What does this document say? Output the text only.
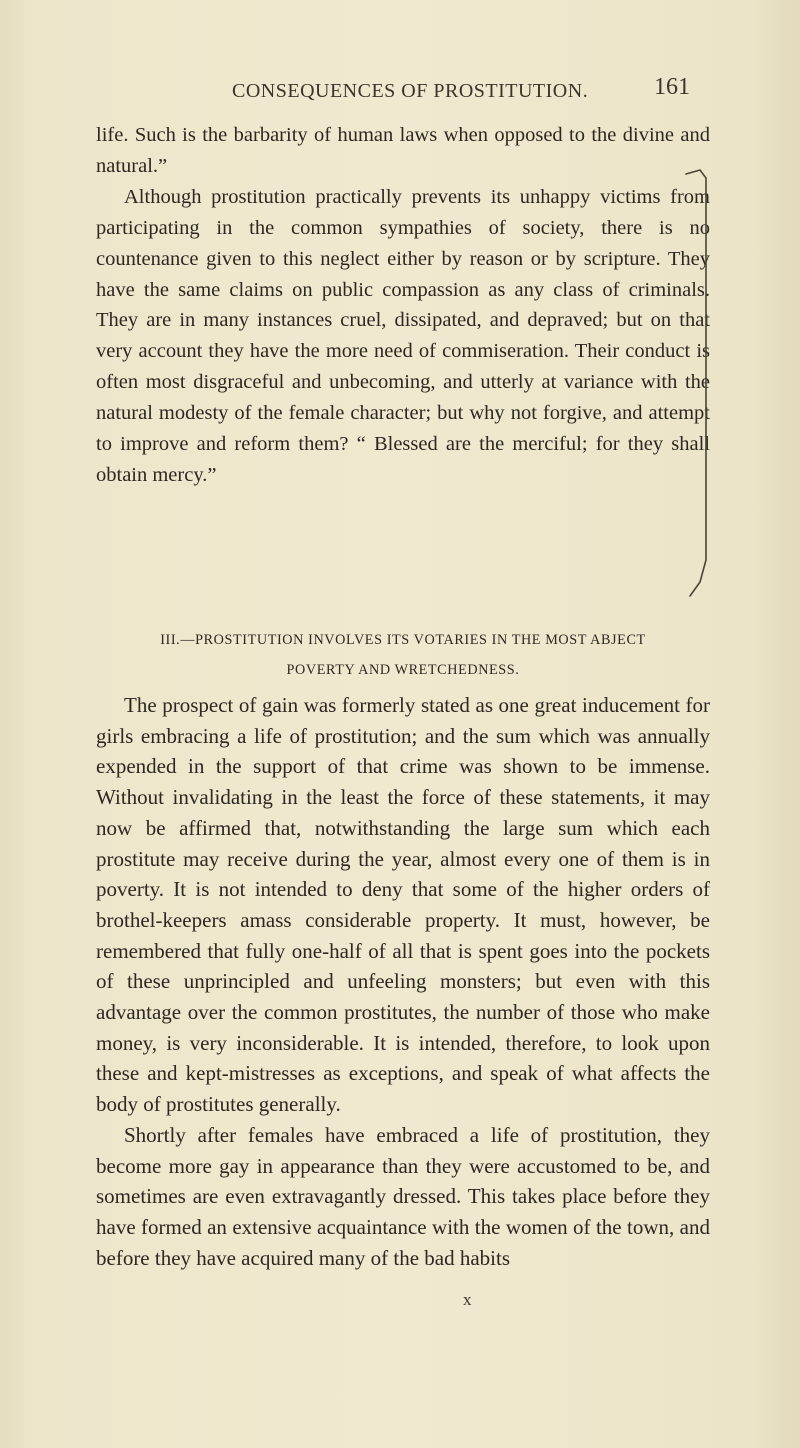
CONSEQUENCES OF PROSTITUTION.	161

life. Such is the barbarity of human laws when opposed to the divine and natural.”

Although prostitution practically prevents its unhappy victims from participating in the common sympathies of society, there is no countenance given to this neglect either by reason or by scripture. They have the same claims on public compassion as any class of criminals. They are in many instances cruel, dissipated, and depraved; but on that very account they have the more need of commiseration. Their conduct is often most disgraceful and unbecoming, and utterly at variance with the natural modesty of the female character; but why not forgive, and attempt to improve and reform them? “ Blessed are the merciful; for they shall obtain mercy.”

III.—PROSTITUTION INVOLVES ITS VOTARIES IN THE MOST ABJECT
POVERTY AND WRETCHEDNESS.

The prospect of gain was formerly stated as one great inducement for girls embracing a life of prostitution; and the sum which was annually expended in the support of that crime was shown to be immense. Without invalidating in the least the force of these statements, it may now be affirmed that, notwithstanding the large sum which each prostitute may receive during the year, almost every one of them is in poverty. It is not intended to deny that some of the higher orders of brothel-keepers amass considerable property. It must, however, be remembered that fully one-half of all that is spent goes into the pockets of these unprincipled and unfeeling monsters; but even with this advantage over the common prostitutes, the number of those who make money, is very inconsiderable. It is intended, therefore, to look upon these and kept-mistresses as exceptions, and speak of what affects the body of prostitutes generally.

Shortly after females have embraced a life of prostitution, they become more gay in appearance than they were accustomed to be, and sometimes are even extravagantly dressed. This takes place before they have formed an extensive acquaintance with the women of the town, and before they have acquired many of the bad habits

x
